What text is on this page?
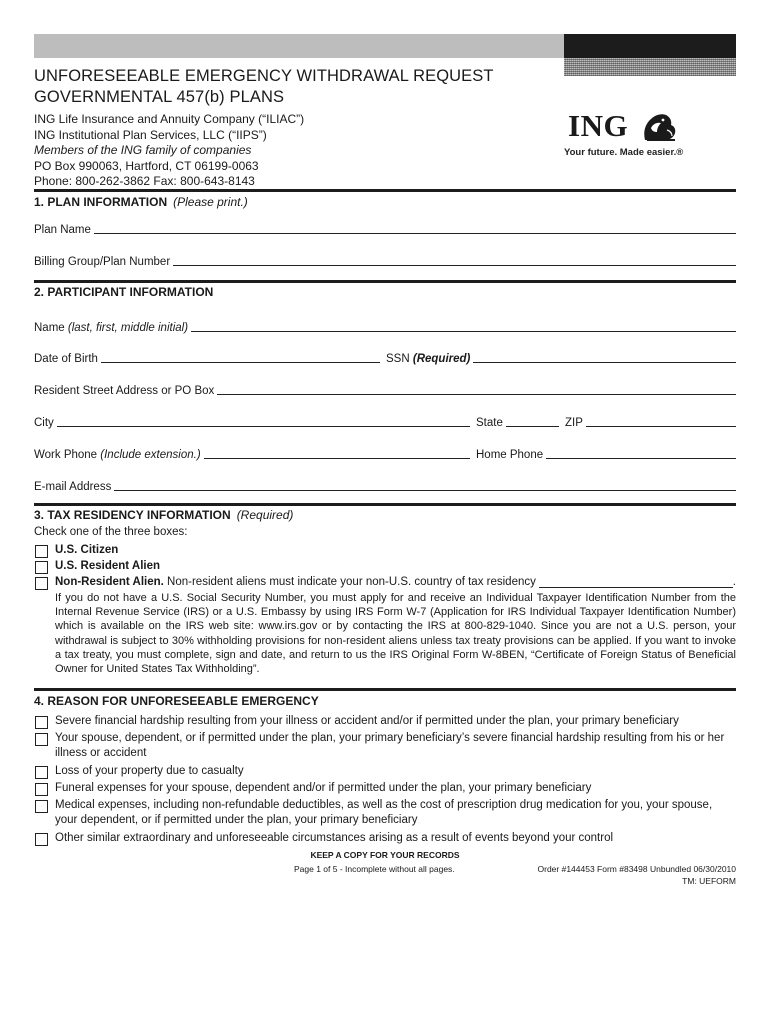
UNFORESEEABLE EMERGENCY WITHDRAWAL REQUEST
GOVERNMENTAL 457(b) PLANS
ING Life Insurance and Annuity Company (“ILIAC”)
ING Institutional Plan Services, LLC (“IIPS”)
Members of the ING family of companies
PO Box 990063, Hartford, CT 06199-0063
Phone: 800-262-3862 Fax: 800-643-8143
ING
Your future. Made easier.®
1. PLAN INFORMATION (Please print.)
Plan Name
Billing Group/Plan Number
2. PARTICIPANT INFORMATION
Name (last, first, middle initial)
Date of Birth	SSN (Required)
Resident Street Address or PO Box
City	State	ZIP
Work Phone (Include extension.)	Home Phone
E-mail Address
3. TAX RESIDENCY INFORMATION (Required)
Check one of the three boxes:
U.S. Citizen
U.S. Resident Alien
Non-Resident Alien. Non-resident aliens must indicate your non-U.S. country of tax residency	.
If you do not have a U.S. Social Security Number, you must apply for and receive an Individual Taxpayer Identification Number from the Internal Revenue Service (IRS) or a U.S. Embassy by using IRS Form W-7 (Application for IRS Individual Taxpayer Identification Number) which is available on the IRS web site: www.irs.gov or by contacting the IRS at 800-829-1040. Since you are not a U.S. person, your withdrawal is subject to 30% withholding provisions for non-resident aliens unless tax treaty provisions can be applied. If you want to invoke a tax treaty, you must complete, sign and date, and return to us the IRS Original Form W-8BEN, “Certificate of Foreign Status of Beneficial Owner for United States Tax Withholding”.
4. REASON FOR UNFORESEEABLE EMERGENCY
Severe financial hardship resulting from your illness or accident and/or if permitted under the plan, your primary beneficiary
Your spouse, dependent, or if permitted under the plan, your primary beneficiary’s severe financial hardship resulting from his or her illness or accident
Loss of your property due to casualty
Funeral expenses for your spouse, dependent and/or if permitted under the plan, your primary beneficiary
Medical expenses, including non-refundable deductibles, as well as the cost of prescription drug medication for you, your spouse, your dependent, or if permitted under the plan, your primary beneficiary
Other similar extraordinary and unforeseeable circumstances arising as a result of events beyond your control
KEEP A COPY FOR YOUR RECORDS
Page 1 of 5 - Incomplete without all pages.	Order #144453 Form #83498 Unbundled 06/30/2010
TM: UEFORM
